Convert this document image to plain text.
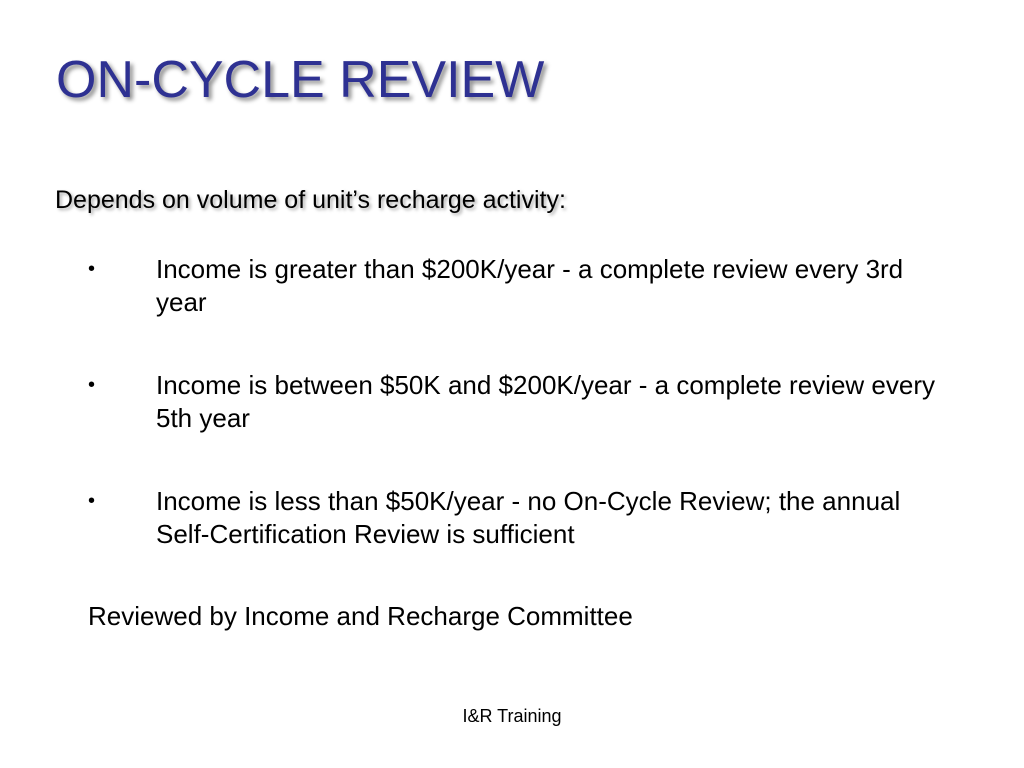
ON-CYCLE REVIEW

Depends on volume of unit’s recharge activity:

• Income is greater than $200K/year - a complete review every 3rd year
• Income is between $50K and $200K/year - a complete review every 5th year
• Income is less than $50K/year - no On-Cycle Review; the annual Self-Certification Review is sufficient

Reviewed by Income and Recharge Committee

I&R Training
